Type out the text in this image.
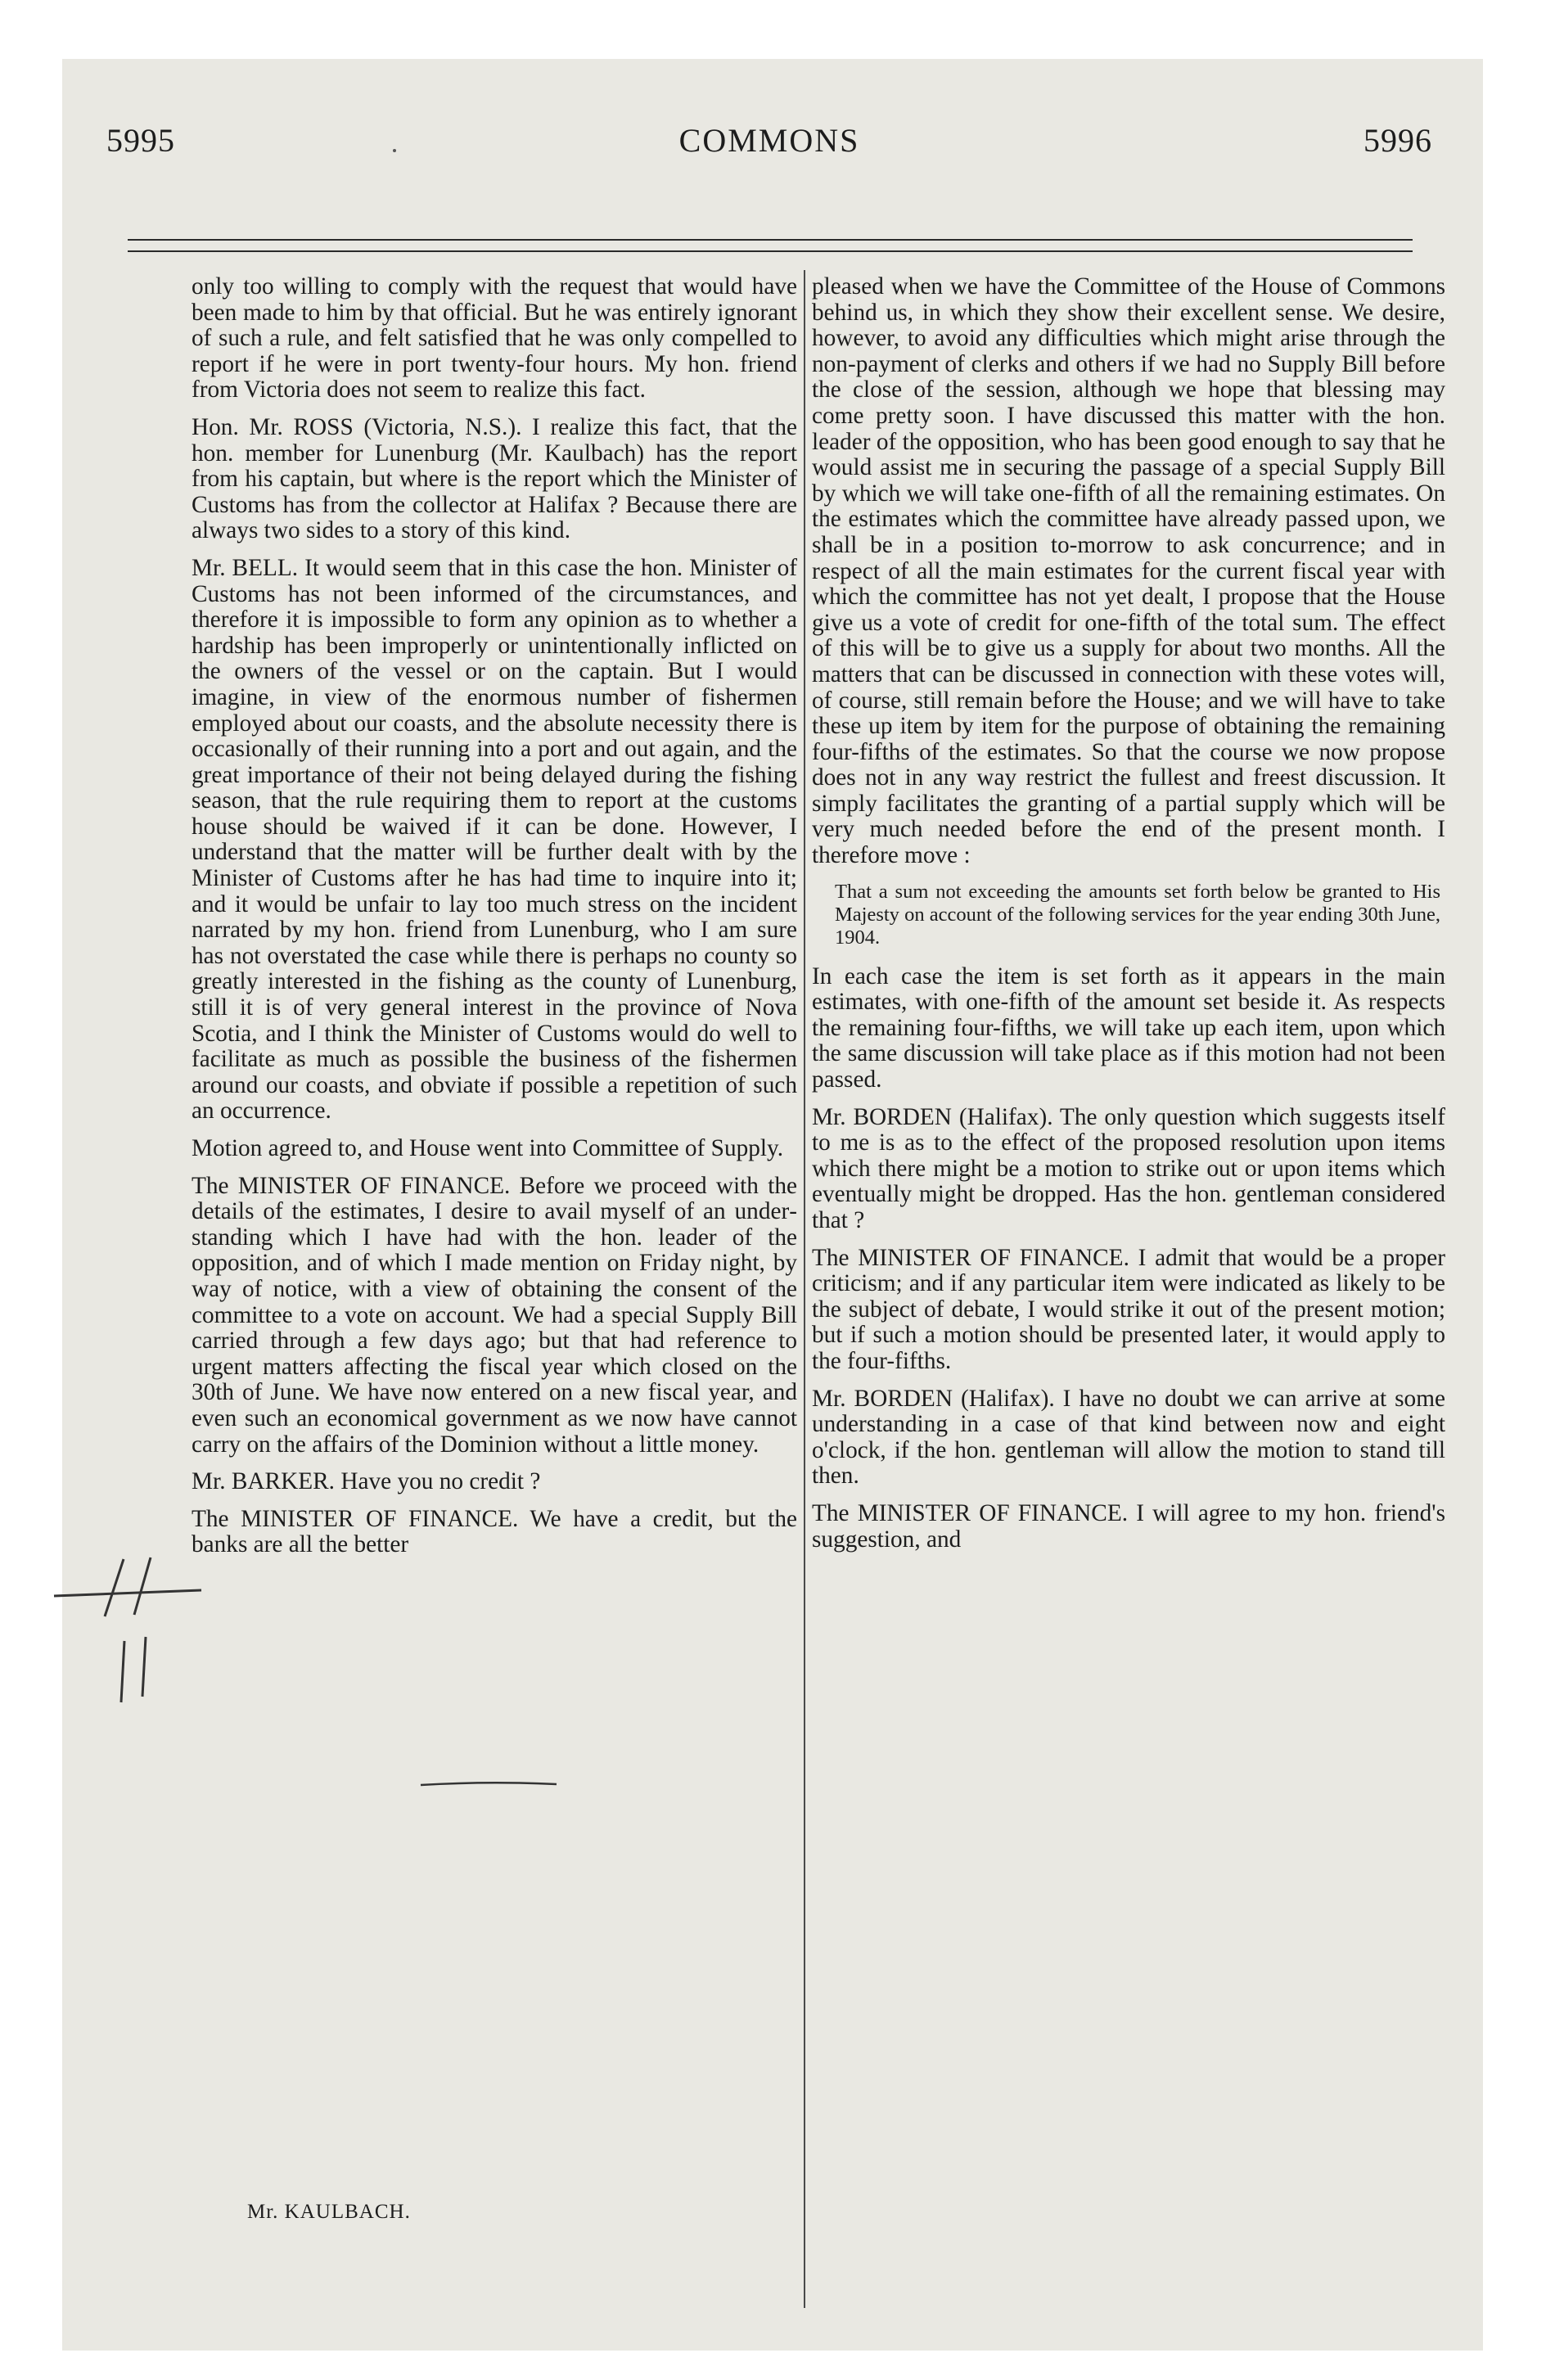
5995	COMMONS	5996

only too willing to comply with the request that would have been made to him by that official. But he was entirely ignorant of such a rule, and felt satisfied that he was only compelled to report if he were in port twenty-four hours. My hon. friend from Victoria does not seem to realize this fact.

Hon. Mr. ROSS (Victoria, N.S.). I realize this fact, that the hon. member for Lunenburg (Mr. Kaulbach) has the report from his captain, but where is the report which the Minister of Customs has from the collector at Halifax ? Because there are always two sides to a story of this kind.

Mr. BELL. It would seem that in this case the hon. Minister of Customs has not been informed of the circumstances, and therefore it is impossible to form any opinion as to whether a hardship has been improperly or unintentionally inflicted on the owners of the vessel or on the captain. But I would imagine, in view of the enormous number of fishermen employed about our coasts, and the absolute necessity there is occasionally of their running into a port and out again, and the great importance of their not being delayed during the fishing season, that the rule requiring them to report at the customs house should be waived if it can be done. However, I understand that the matter will be further dealt with by the Minister of Customs after he has had time to inquire into it; and it would be unfair to lay too much stress on the incident narrated by my hon. friend from Lunenburg, who I am sure has not overstated the case while there is perhaps no county so greatly interested in the fishing as the county of Lunenburg, still it is of very general interest in the province of Nova Scotia, and I think the Minister of Customs would do well to facilitate as much as possible the business of the fishermen around our coasts, and obviate if possible a repetition of such an occurrence.

Motion agreed to, and House went into Committee of Supply.

The MINISTER OF FINANCE. Before we proceed with the details of the estimates, I desire to avail myself of an understanding which I have had with the hon. leader of the opposition, and of which I made mention on Friday night, by way of notice, with a view of obtaining the consent of the committee to a vote on account. We had a special Supply Bill carried through a few days ago; but that had reference to urgent matters affecting the fiscal year which closed on the 30th of June. We have now entered on a new fiscal year, and even such an economical government as we now have cannot carry on the affairs of the Dominion without a little money.

Mr. BARKER. Have you no credit ?

The MINISTER OF FINANCE. We have a credit, but the banks are all the better

Mr. KAULBACH.

pleased when we have the Committee of the House of Commons behind us, in which they show their excellent sense. We desire, however, to avoid any difficulties which might arise through the non-payment of clerks and others if we had no Supply Bill before the close of the session, although we hope that blessing may come pretty soon. I have discussed this matter with the hon. leader of the opposition, who has been good enough to say that he would assist me in securing the passage of a special Supply Bill by which we will take one-fifth of all the remaining estimates. On the estimates which the committee have already passed upon, we shall be in a position to-morrow to ask concurrence; and in respect of all the main estimates for the current fiscal year with which the committee has not yet dealt, I propose that the House give us a vote of credit for one-fifth of the total sum. The effect of this will be to give us a supply for about two months. All the matters that can be discussed in connection with these votes will, of course, still remain before the House; and we will have to take these up item by item for the purpose of obtaining the remaining four-fifths of the estimates. So that the course we now propose does not in any way restrict the fullest and freest discussion. It simply facilitates the granting of a partial supply which will be very much needed before the end of the present month. I therefore move :

That a sum not exceeding the amounts set forth below be granted to His Majesty on account of the following services for the year ending 30th June, 1904.

In each case the item is set forth as it appears in the main estimates, with one-fifth of the amount set beside it. As respects the remaining four-fifths, we will take up each item, upon which the same discussion will take place as if this motion had not been passed.

Mr. BORDEN (Halifax). The only question which suggests itself to me is as to the effect of the proposed resolution upon items which there might be a motion to strike out or upon items which eventually might be dropped. Has the hon. gentleman considered that ?

The MINISTER OF FINANCE. I admit that would be a proper criticism; and if any particular item were indicated as likely to be the subject of debate, I would strike it out of the present motion; but if such a motion should be presented later, it would apply to the four-fifths.

Mr. BORDEN (Halifax). I have no doubt we can arrive at some understanding in a case of that kind between now and eight o'clock, if the hon. gentleman will allow the motion to stand till then.

The MINISTER OF FINANCE. I will agree to my hon. friend's suggestion, and
